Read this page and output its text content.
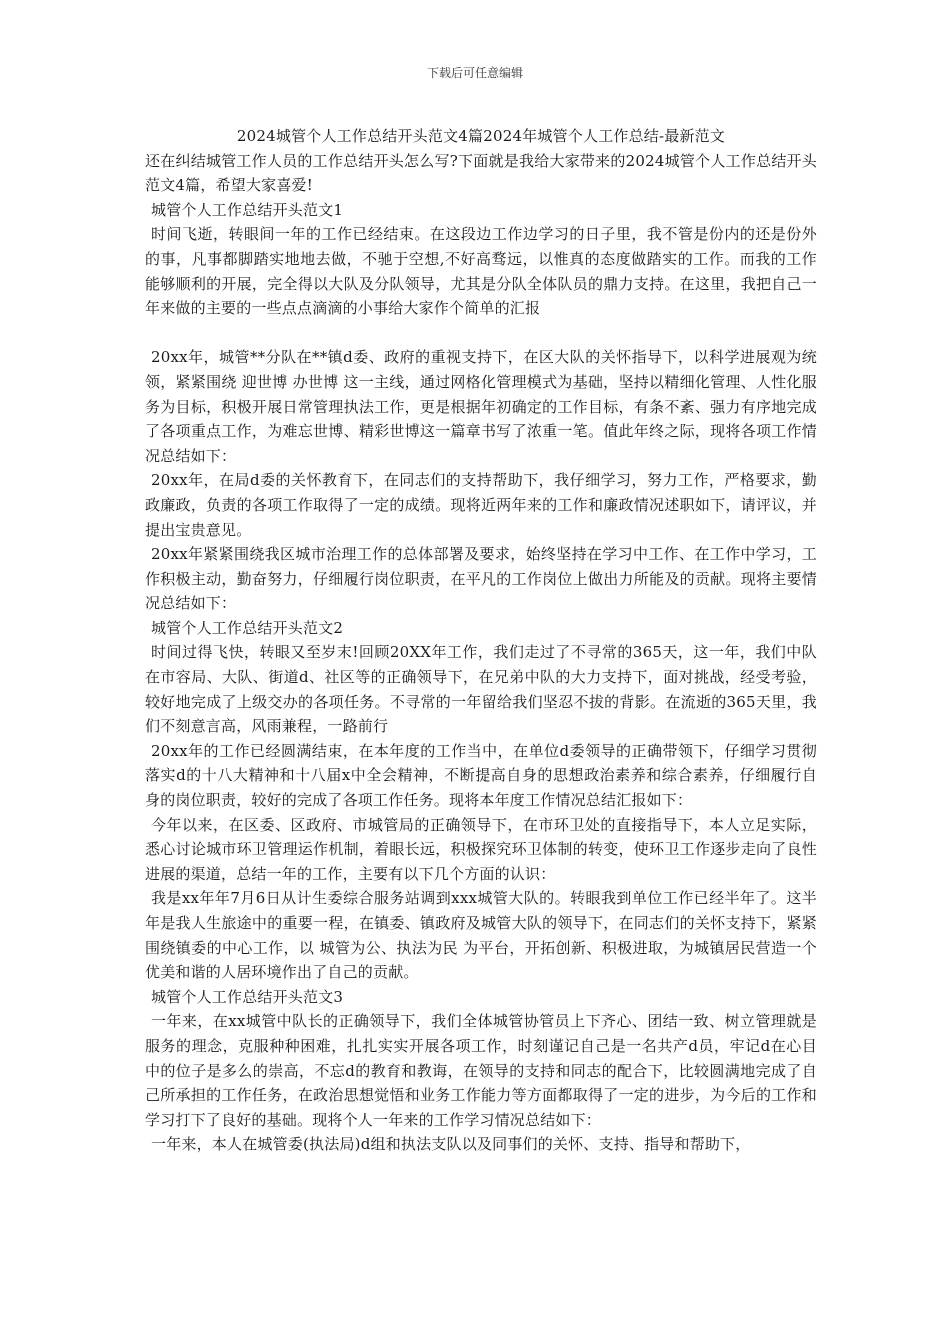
下载后可任意编辑

2024城管个人工作总结开头范文4篇2024年城管个人工作总结-最新范文

还在纠结城管工作人员的工作总结开头怎么写?下面就是我给大家带来的2024城管个人工作总结开头范文4篇，希望大家喜爱!

城管个人工作总结开头范文1

时间飞逝，转眼间一年的工作已经结束。在这段边工作边学习的日子里，我不管是份内的还是份外的事，凡事都脚踏实地地去做，不驰于空想,不好高骛远，以惟真的态度做踏实的工作。而我的工作能够顺利的开展，完全得以大队及分队领导，尤其是分队全体队员的鼎力支持。在这里，我把自己一年来做的主要的一些点点滴滴的小事给大家作个简单的汇报

20xx年，城管**分队在**镇d委、政府的重视支持下，在区大队的关怀指导下，以科学进展观为统领，紧紧围绕 迎世博 办世博 这一主线，通过网格化管理模式为基础，坚持以精细化管理、人性化服务为目标，积极开展日常管理执法工作，更是根据年初确定的工作目标，有条不紊、强力有序地完成了各项重点工作，为难忘世博、精彩世博这一篇章书写了浓重一笔。值此年终之际，现将各项工作情况总结如下：

20xx年，在局d委的关怀教育下，在同志们的支持帮助下，我仔细学习，努力工作，严格要求，勤政廉政，负责的各项工作取得了一定的成绩。现将近两年来的工作和廉政情况述职如下，请评议，并提出宝贵意见。

20xx年紧紧围绕我区城市治理工作的总体部署及要求，始终坚持在学习中工作、在工作中学习，工作积极主动，勤奋努力，仔细履行岗位职责，在平凡的工作岗位上做出力所能及的贡献。现将主要情况总结如下：

城管个人工作总结开头范文2

时间过得飞快，转眼又至岁末!回顾20XX年工作，我们走过了不寻常的365天，这一年，我们中队在市容局、大队、街道d、社区等的正确领导下，在兄弟中队的大力支持下，面对挑战，经受考验，较好地完成了上级交办的各项任务。不寻常的一年留给我们坚忍不拔的背影。在流逝的365天里，我们不刻意言高，风雨兼程，一路前行

20xx年的工作已经圆满结束，在本年度的工作当中，在单位d委领导的正确带领下，仔细学习贯彻落实d的十八大精神和十八届x中全会精神，不断提高自身的思想政治素养和综合素养，仔细履行自身的岗位职责，较好的完成了各项工作任务。现将本年度工作情况总结汇报如下：

今年以来，在区委、区政府、市城管局的正确领导下，在市环卫处的直接指导下，本人立足实际，悉心讨论城市环卫管理运作机制，着眼长远，积极探究环卫体制的转变，使环卫工作逐步走向了良性进展的渠道，总结一年的工作，主要有以下几个方面的认识：

我是xx年年7月6日从计生委综合服务站调到xxx城管大队的。转眼我到单位工作已经半年了。这半年是我人生旅途中的重要一程，在镇委、镇政府及城管大队的领导下，在同志们的关怀支持下，紧紧围绕镇委的中心工作，以 城管为公、执法为民 为平台，开拓创新、积极进取，为城镇居民营造一个优美和谐的人居环境作出了自己的贡献。

城管个人工作总结开头范文3

一年来，在xx城管中队长的正确领导下，我们全体城管协管员上下齐心、团结一致、树立管理就是服务的理念，克服种种困难，扎扎实实开展各项工作，时刻谨记自己是一名共产d员，牢记d在心目中的位子是多么的崇高，不忘d的教育和教诲，在领导的支持和同志的配合下，比较圆满地完成了自己所承担的工作任务，在政治思想觉悟和业务工作能力等方面都取得了一定的进步，为今后的工作和学习打下了良好的基础。现将个人一年来的工作学习情况总结如下：

一年来，本人在城管委(执法局)d组和执法支队以及同事们的关怀、支持、指导和帮助下，
